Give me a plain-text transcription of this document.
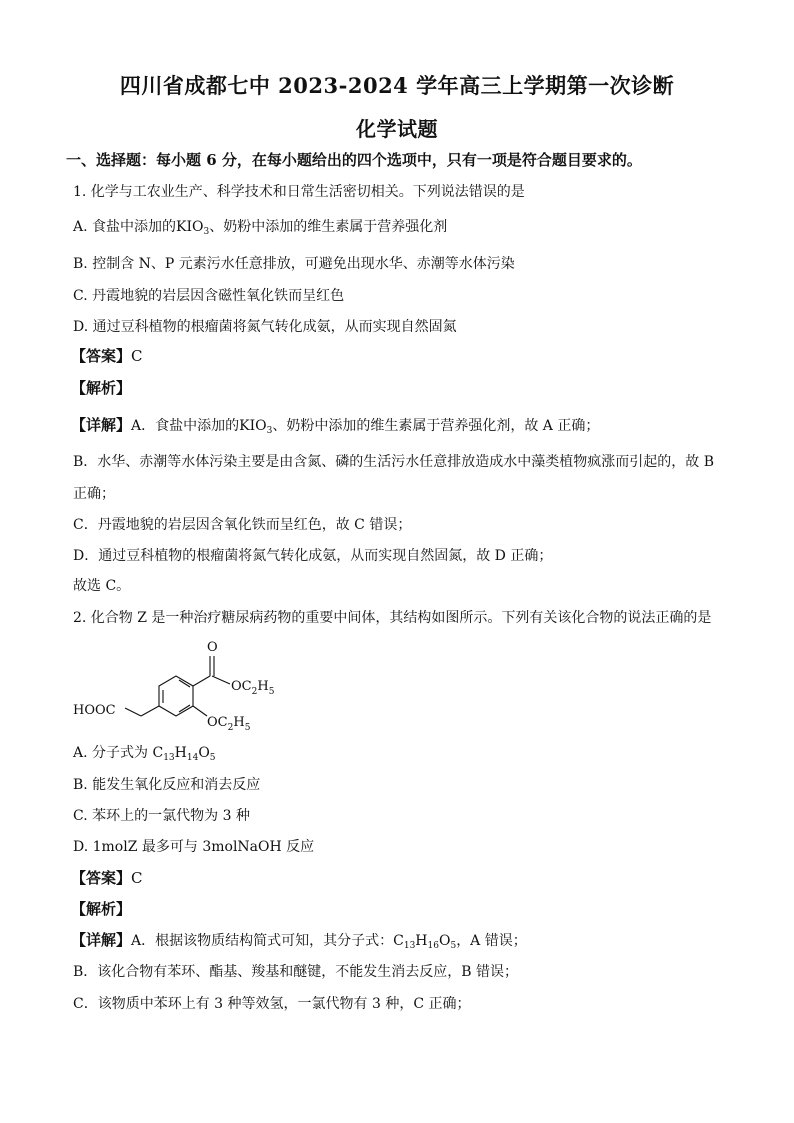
四川省成都七中 2023-2024 学年高三上学期第一次诊断
化学试题
一、选择题：每小题 6 分，在每小题给出的四个选项中，只有一项是符合题目要求的。
1. 化学与工农业生产、科学技术和日常生活密切相关。下列说法错误的是
A. 食盐中添加的$KIO_3$、奶粉中添加的维生素属于营养强化剂
B. 控制含 N、P 元素污水任意排放，可避免出现水华、赤潮等水体污染
C. 丹霞地貌的岩层因含磁性氧化铁而呈红色
D. 通过豆科植物的根瘤菌将氮气转化成氨，从而实现自然固氮
【答案】C
【解析】
【详解】A．食盐中添加的$KIO_3$、奶粉中添加的维生素属于营养强化剂，故 A 正确；
B．水华、赤潮等水体污染主要是由含氮、磷的生活污水任意排放造成水中藻类植物疯涨而引起的，故 B
正确；
C．丹霞地貌的岩层因含氧化铁而呈红色，故 C 错误；
D．通过豆科植物的根瘤菌将氮气转化成氨，从而实现自然固氮，故 D 正确；
故选 C。
2. 化合物 Z 是一种治疗糖尿病药物的重要中间体，其结构如图所示。下列有关该化合物的说法正确的是
HOOC
O
$OC_2H_5$
$OC_2H_5$
A. 分子式为 $C_{13}H_{14}O_5$
B. 能发生氧化反应和消去反应
C. 苯环上的一氯代物为 3 种
D. 1molZ 最多可与 3molNaOH 反应
【答案】C
【解析】
【详解】A．根据该物质结构简式可知，其分子式：$C_{13}H_{16}O_5$，A 错误；
B．该化合物有苯环、酯基、羧基和醚键，不能发生消去反应，B 错误；
C．该物质中苯环上有 3 种等效氢，一氯代物有 3 种，C 正确；
